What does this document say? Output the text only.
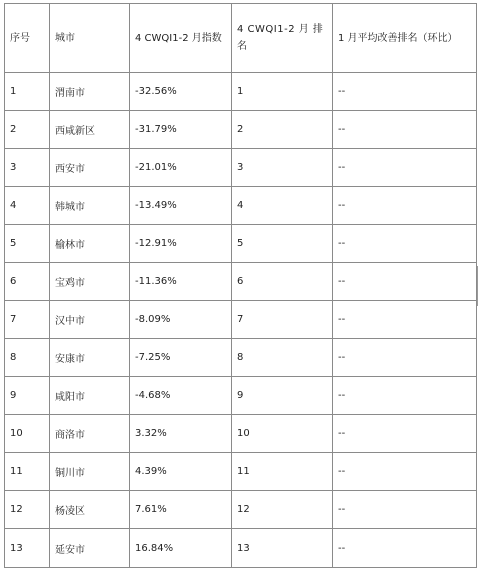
序号	城市	4 CWQI1-2 月指数	4 CWQI1-2 月 排 名	1 月平均改善排名（环比）
1	渭南市	-32.56%	1	--
2	西咸新区	-31.79%	2	--
3	西安市	-21.01%	3	--
4	韩城市	-13.49%	4	--
5	榆林市	-12.91%	5	--
6	宝鸡市	-11.36%	6	--
7	汉中市	-8.09%	7	--
8	安康市	-7.25%	8	--
9	咸阳市	-4.68%	9	--
10	商洛市	3.32%	10	--
11	铜川市	4.39%	11	--
12	杨凌区	7.61%	12	--
13	延安市	16.84%	13	--
